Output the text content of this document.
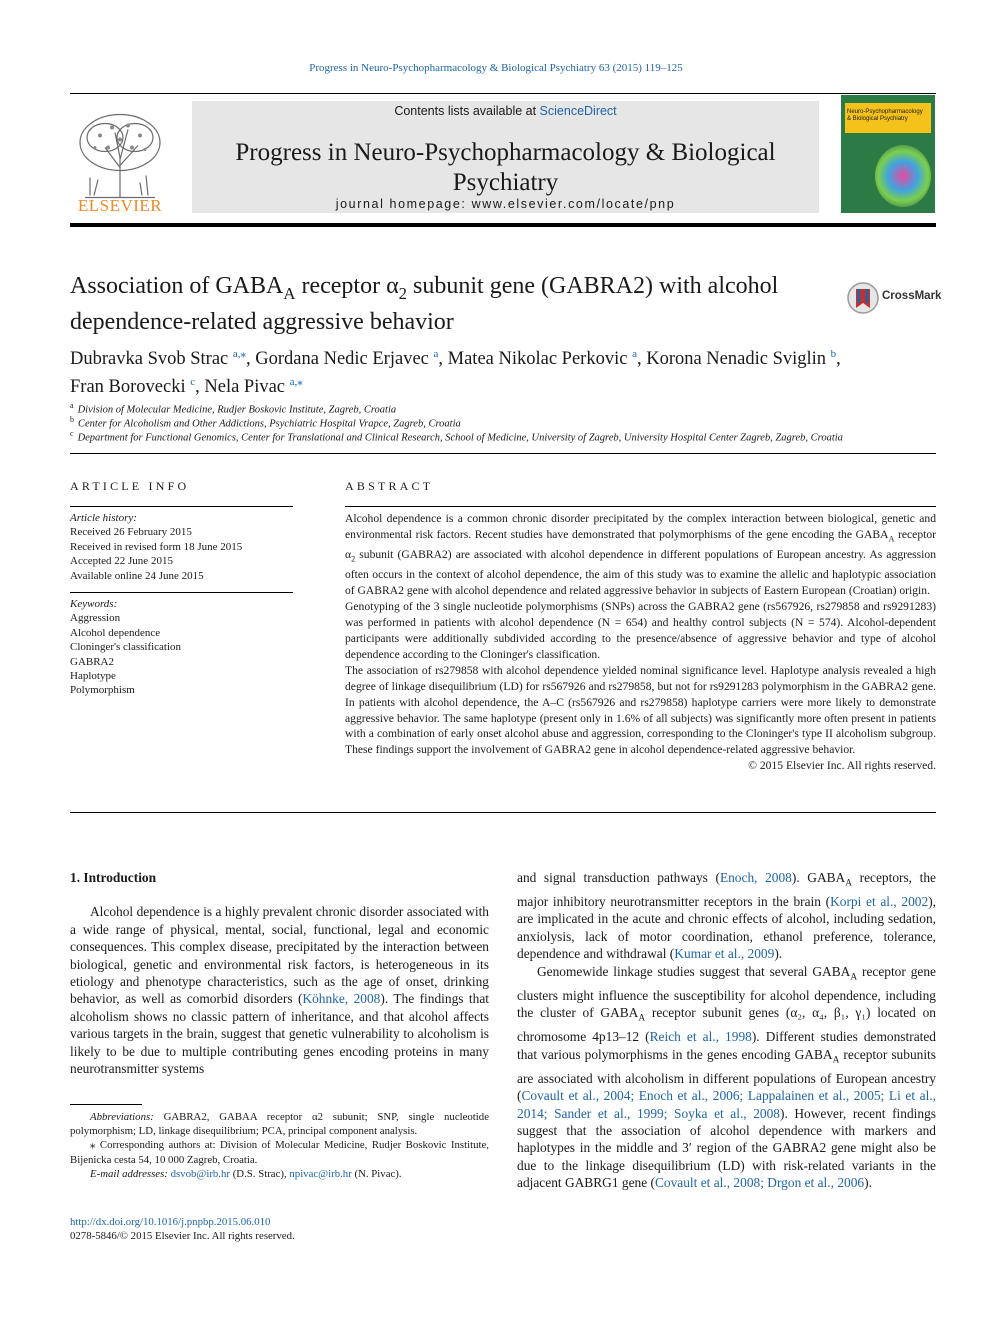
Progress in Neuro-Psychopharmacology & Biological Psychiatry 63 (2015) 119–125
ELSEVIER
Contents lists available at ScienceDirect
Progress in Neuro-Psychopharmacology & Biological Psychiatry
journal homepage: www.elsevier.com/locate/pnp
Neuro-Psychopharmacology
& Biological Psychiatry
Association of $GABA_A$ receptor $\alpha_2$ subunit gene (GABRA2) with alcohol dependence-related aggressive behavior
CrossMark
Dubravka Svob Strac $^{a,⁎}$, Gordana Nedic Erjavec $^a$, Matea Nikolac Perkovic $^a$, Korona Nenadic Sviglin $^b$,
Fran Borovecki $^c$, Nela Pivac $^{a,⁎}$
$^a$ Division of Molecular Medicine, Rudjer Boskovic Institute, Zagreb, Croatia
$^b$ Center for Alcoholism and Other Addictions, Psychiatric Hospital Vrapce, Zagreb, Croatia
$^c$ Department for Functional Genomics, Center for Translational and Clinical Research, School of Medicine, University of Zagreb, University Hospital Center Zagreb, Zagreb, Croatia
ARTICLE INFO
Article history:
Received 26 February 2015
Received in revised form 18 June 2015
Accepted 22 June 2015
Available online 24 June 2015
Keywords:
Aggression
Alcohol dependence
Cloninger's classification
GABRA2
Haplotype
Polymorphism
ABSTRACT

Alcohol dependence is a common chronic disorder precipitated by the complex interaction between biological, genetic and environmental risk factors. Recent studies have demonstrated that polymorphisms of the gene encoding the $GABA_A$ receptor $\alpha_2$ subunit (GABRA2) are associated with alcohol dependence in different populations of European ancestry. As aggression often occurs in the context of alcohol dependence, the aim of this study was to examine the allelic and haplotypic association of GABRA2 gene with alcohol dependence and related aggressive behavior in subjects of Eastern European (Croatian) origin.

Genotyping of the 3 single nucleotide polymorphisms (SNPs) across the GABRA2 gene (rs567926, rs279858 and rs9291283) was performed in patients with alcohol dependence (N = 654) and healthy control subjects (N = 574). Alcohol-dependent participants were additionally subdivided according to the presence/absence of aggressive behavior and type of alcohol dependence according to the Cloninger's classification.

The association of rs279858 with alcohol dependence yielded nominal significance level. Haplotype analysis revealed a high degree of linkage disequilibrium (LD) for rs567926 and rs279858, but not for rs9291283 polymorphism in the GABRA2 gene. In patients with alcohol dependence, the A–C (rs567926 and rs279858) haplotype carriers were more likely to demonstrate aggressive behavior. The same haplotype (present only in 1.6% of all subjects) was significantly more often present in patients with a combination of early onset alcohol abuse and aggression, corresponding to the Cloninger's type II alcoholism subgroup. These findings support the involvement of GABRA2 gene in alcohol dependence-related aggressive behavior.

© 2015 Elsevier Inc. All rights reserved.

1. Introduction

Alcohol dependence is a highly prevalent chronic disorder associated with a wide range of physical, mental, social, functional, legal and economic consequences. This complex disease, precipitated by the interaction between biological, genetic and environmental risk factors, is heterogeneous in its etiology and phenotype characteristics, such as the age of onset, drinking behavior, as well as comorbid disorders (Köhnke, 2008). The findings that alcoholism shows no classic pattern of inheritance, and that alcohol affects various targets in the brain, suggest that genetic vulnerability to alcoholism is likely to be due to multiple contributing genes encoding proteins in many neurotransmitter systems

Abbreviations: GABRA2, GABAA receptor α2 subunit; SNP, single nucleotide polymorphism; LD, linkage disequilibrium; PCA, principal component analysis.

⁎ Corresponding authors at: Division of Molecular Medicine, Rudjer Boskovic Institute, Bijenicka cesta 54, 10 000 Zagreb, Croatia.

E-mail addresses: dsvob@irb.hr (D.S. Strac), npivac@irb.hr (N. Pivac).

http://dx.doi.org/10.1016/j.pnpbp.2015.06.010
0278-5846/© 2015 Elsevier Inc. All rights reserved.
and signal transduction pathways (Enoch, 2008). $GABA_A$ receptors, the major inhibitory neurotransmitter receptors in the brain (Korpi et al., 2002), are implicated in the acute and chronic effects of alcohol, including sedation, anxiolysis, lack of motor coordination, ethanol preference, tolerance, dependence and withdrawal (Kumar et al., 2009).

Genomewide linkage studies suggest that several $GABA_A$ receptor gene clusters might influence the susceptibility for alcohol dependence, including the cluster of $GABA_A$ receptor subunit genes (α₂, α₄, β₁, γ₁) located on chromosome 4p13–12 (Reich et al., 1998). Different studies demonstrated that various polymorphisms in the genes encoding $GABA_A$ receptor subunits are associated with alcoholism in different populations of European ancestry (Covault et al., 2004; Enoch et al., 2006; Lappalainen et al., 2005; Li et al., 2014; Sander et al., 1999; Soyka et al., 2008). However, recent findings suggest that the association of alcohol dependence with markers and haplotypes in the middle and 3′ region of the GABRA2 gene might also be due to the linkage disequilibrium (LD) with risk-related variants in the adjacent GABRG1 gene (Covault et al., 2008; Drgon et al., 2006).
